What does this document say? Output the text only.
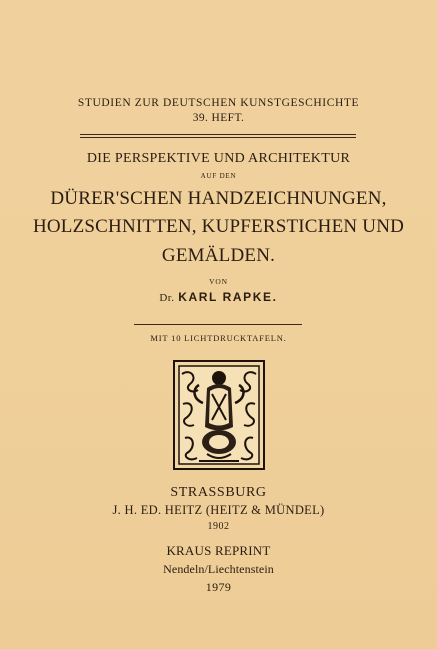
STUDIEN ZUR DEUTSCHEN KUNSTGESCHICHTE
39. HEFT.
DIE PERSPEKTIVE UND ARCHITEKTUR
AUF DEN
DÜRER'SCHEN HANDZEICHNUNGEN,
HOLZSCHNITTEN, KUPFERSTICHEN UND
GEMÄLDEN.
VON
Dr. KARL RAPKE.
MIT 10 LICHTDRUCKTAFELN.
STRASSBURG
J. H. ED. HEITZ (HEITZ & MÜNDEL)
1902
KRAUS REPRINT
Nendeln/Liechtenstein
1979
